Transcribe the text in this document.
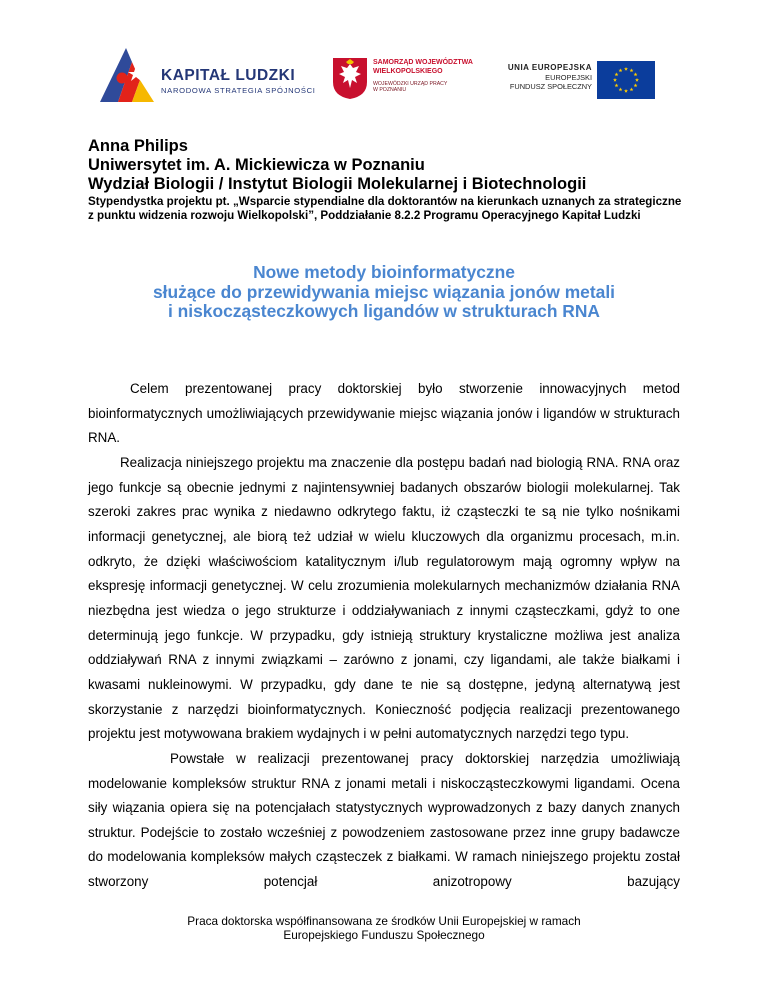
KAPITAŁ LUDZKI
NARODOWA STRATEGIA SPÓJNOŚCI
SAMORZĄD WOJEWÓDZTWA
WIELKOPOLSKIEGO
WOJEWÓDZKI URZĄD PRACY
W POZNANIU
UNIA EUROPEJSKA
EUROPEJSKI
FUNDUSZ SPOŁECZNY
Anna Philips
Uniwersytet im. A. Mickiewicza w Poznaniu
Wydział Biologii / Instytut Biologii Molekularnej i Biotechnologii
Stypendystka projektu pt. „Wsparcie stypendialne dla doktorantów na kierunkach uznanych za strategiczne z punktu widzenia rozwoju Wielkopolski”, Poddziałanie 8.2.2 Programu Operacyjnego Kapitał Ludzki
Nowe metody bioinformatyczne
służące do przewidywania miejsc wiązania jonów metali
i niskocząsteczkowych ligandów w strukturach RNA

Celem prezentowanej pracy doktorskiej było stworzenie innowacyjnych metod bioinformatycznych umożliwiających przewidywanie miejsc wiązania jonów i ligandów w strukturach RNA.

Realizacja niniejszego projektu ma znaczenie dla postępu badań nad biologią RNA. RNA oraz jego funkcje są obecnie jednymi z najintensywniej badanych obszarów biologii molekularnej. Tak szeroki zakres prac wynika z niedawno odkrytego faktu, iż cząsteczki te są nie tylko nośnikami informacji genetycznej, ale biorą też udział w wielu kluczowych dla organizmu procesach, m.in. odkryto, że dzięki właściwościom katalitycznym i/lub regulatorowym mają ogromny wpływ na ekspresję informacji genetycznej. W celu zrozumienia molekularnych mechanizmów działania RNA niezbędna jest wiedza o jego strukturze i oddziaływaniach z innymi cząsteczkami, gdyż to one determinują jego funkcje. W przypadku, gdy istnieją struktury krystaliczne możliwa jest analiza oddziaływań RNA z innymi związkami – zarówno z jonami, czy ligandami, ale także białkami i kwasami nukleinowymi. W przypadku, gdy dane te nie są dostępne, jedyną alternatywą jest skorzystanie z narzędzi bioinformatycznych. Konieczność podjęcia realizacji prezentowanego projektu jest motywowana brakiem wydajnych i w pełni automatycznych narzędzi tego typu.

Powstałe w realizacji prezentowanej pracy doktorskiej narzędzia umożliwiają modelowanie kompleksów struktur RNA z jonami metali i niskocząsteczkowymi ligandami. Ocena siły wiązania opiera się na potencjałach statystycznych wyprowadzonych z bazy danych znanych struktur. Podejście to zostało wcześniej z powodzeniem zastosowane przez inne grupy badawcze do modelowania kompleksów małych cząsteczek z białkami. W ramach niniejszego projektu został stworzony potencjał anizotropowy bazujący

Praca doktorska współfinansowana ze środków Unii Europejskiej w ramach
Europejskiego Funduszu Społecznego
